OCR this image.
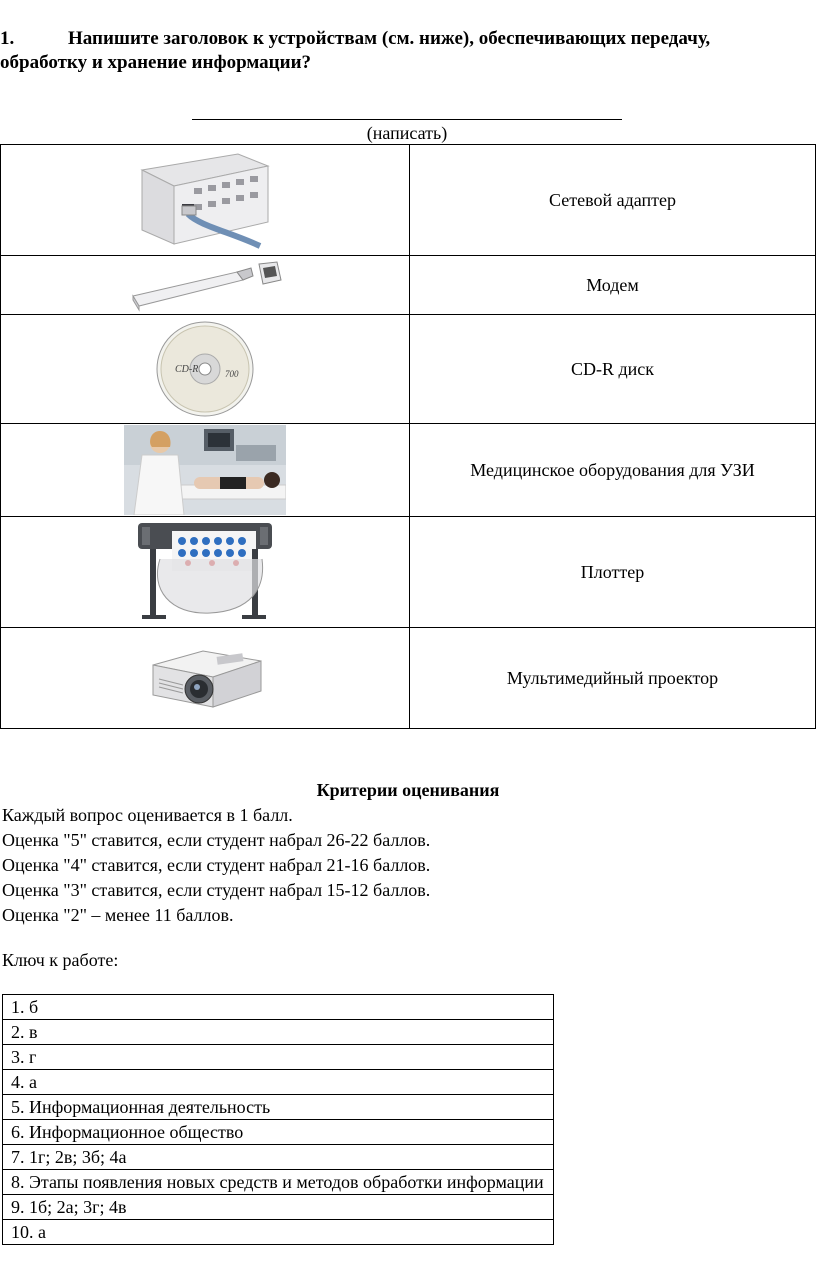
1.	Напишите заголовок к устройствам (см. ниже), обеспечивающих передачу,
обработку и хранение информации?
(написать)

Сетевой адаптер

Модем

CD-R 700	CD-R диск

Медицинское оборудования для УЗИ

Плоттер

Мультимедийный проектор
Критерии оценивания
Каждый вопрос оценивается в 1 балл.
Оценка "5" ставится, если студент набрал 26-22 баллов.
Оценка "4" ставится, если студент набрал 21-16 баллов.
Оценка "3" ставится, если студент набрал 15-12 баллов.
Оценка "2" – менее 11 баллов.
Ключ к работе:
1. б
2. в
3. г
4. а
5. Информационная деятельность
6. Информационное общество
7. 1г; 2в; 3б; 4а
8. Этапы появления новых средств и методов обработки информации
9. 1б; 2а; 3г; 4в
10. а
